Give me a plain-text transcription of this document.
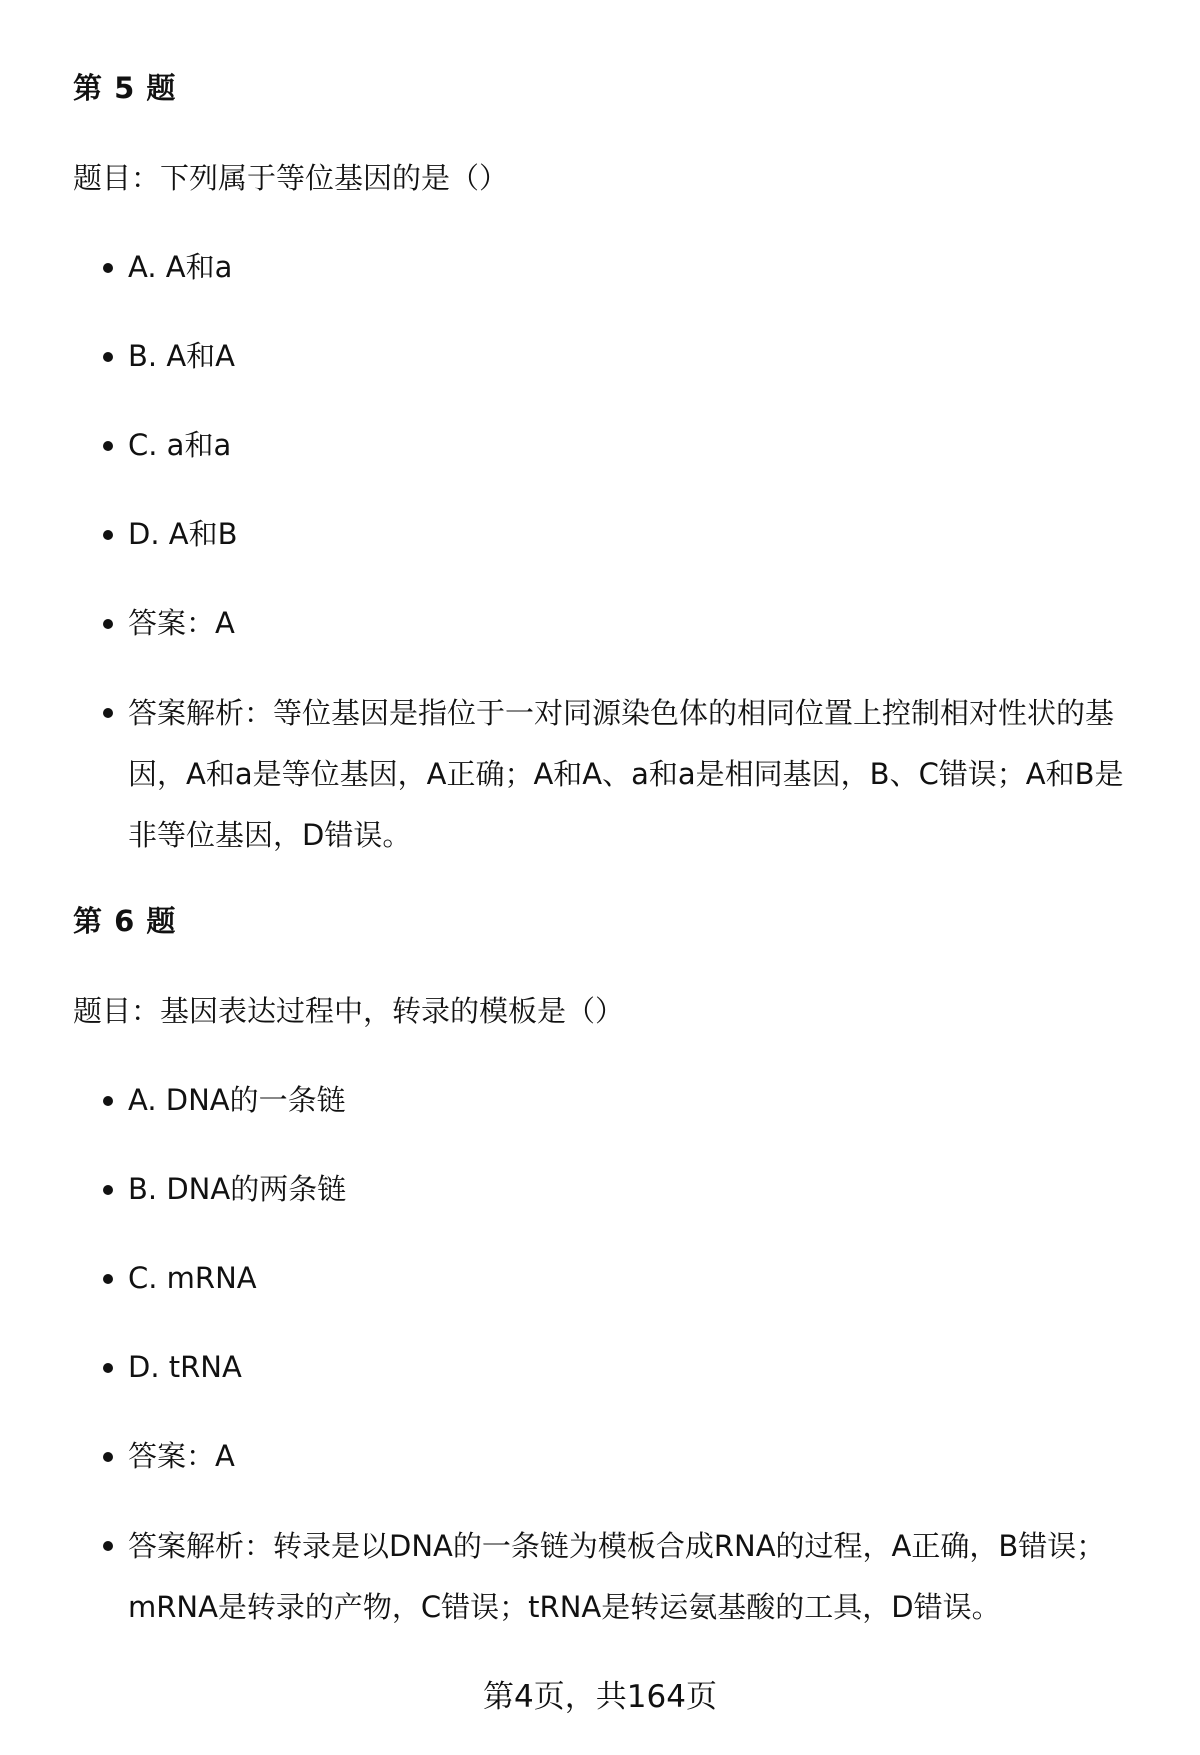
第 5 题

题目：下列属于等位基因的是（）

A. A和a
B. A和A
C. a和a
D. A和B
答案：A
答案解析：等位基因是指位于一对同源染色体的相同位置上控制相对性状的基因，A和a是等位基因，A正确；A和A、a和a是相同基因，B、C错误；A和B是非等位基因，D错误。
第 6 题

题目：基因表达过程中，转录的模板是（）

A. DNA的一条链
B. DNA的两条链
C. mRNA
D. tRNA
答案：A
答案解析：转录是以DNA的一条链为模板合成RNA的过程，A正确，B错误；mRNA是转录的产物，C错误；tRNA是转运氨基酸的工具，D错误。
第4页，共164页
